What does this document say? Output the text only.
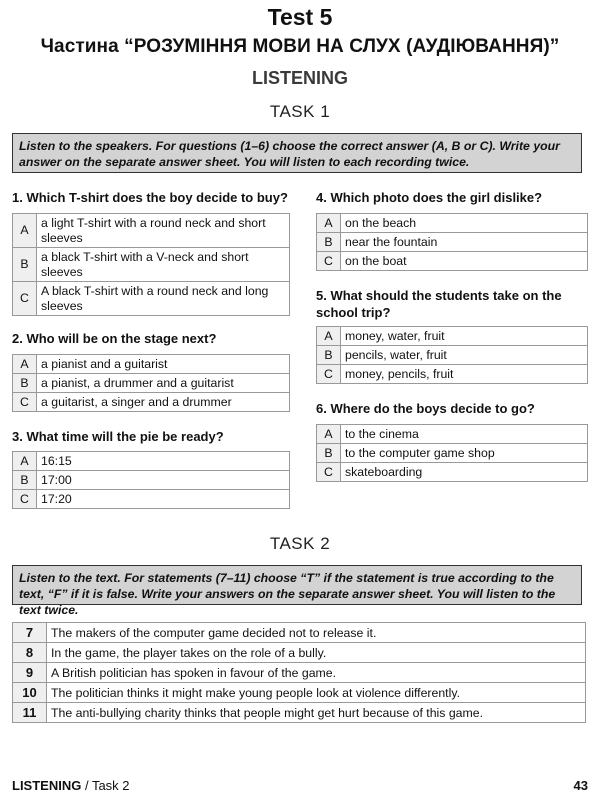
Test 5
Частина “РОЗУМІННЯ МОВИ НА СЛУХ (АУДІЮВАННЯ)”
LISTENING
TASK 1
Listen to the speakers. For questions (1–6) choose the correct answer (A, B or C). Write your answer on the separate answer sheet. You will listen to each recording twice.
1. Which T-shirt does the boy decide to buy?
A	a light T-shirt with a round neck and short sleeves
B	a black T-shirt with a V-neck and short sleeves
C	A black T-shirt with a round neck and long sleeves
2. Who will be on the stage next?
A	a pianist and a guitarist
B	a pianist, a drummer and a guitarist
C	a guitarist, a singer and a drummer
3. What time will the pie be ready?
A	16:15
B	17:00
C	17:20
4. Which photo does the girl dislike?
A	on the beach
B	near the fountain
C	on the boat
5. What should the students take on the school trip?
A	money, water, fruit
B	pencils, water, fruit
C	money, pencils, fruit
6. Where do the boys decide to go?
A	to the cinema
B	to the computer game shop
C	skateboarding
TASK 2
Listen to the text. For statements (7–11) choose “T” if the statement is true according to the text, “F” if it is false. Write your answers on the separate answer sheet. You will listen to the text twice.
7	The makers of the computer game decided not to release it.
8	In the game, the player takes on the role of a bully.
9	A British politician has spoken in favour of the game.
10	The politician thinks it might make young people look at violence differently.
11	The anti-bullying charity thinks that people might get hurt because of this game.
LISTENING / Task 2	43
